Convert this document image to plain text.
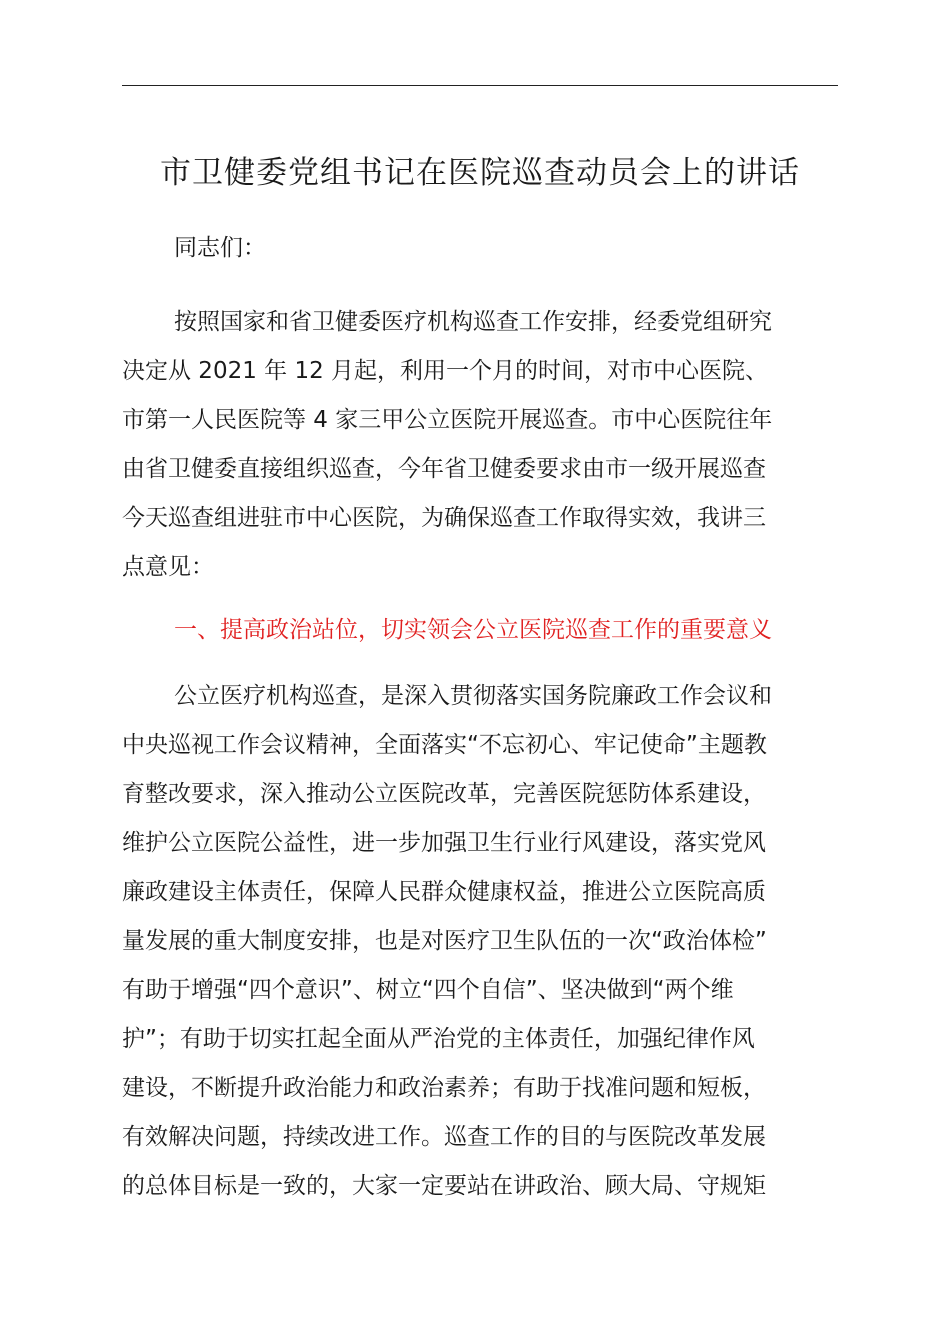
市卫健委党组书记在医院巡查动员会上的讲话

同志们：

按照国家和省卫健委医疗机构巡查工作安排，经委党组研究
决定从 2021 年 12 月起，利用一个月的时间，对市中心医院、
市第一人民医院等 4 家三甲公立医院开展巡查。市中心医院往年
由省卫健委直接组织巡查，今年省卫健委要求由市一级开展巡查
今天巡查组进驻市中心医院，为确保巡查工作取得实效，我讲三
点意见：
一、提高政治站位，切实领会公立医院巡查工作的重要意义
公立医疗机构巡查，是深入贯彻落实国务院廉政工作会议和
中央巡视工作会议精神，全面落实“不忘初心、牢记使命”主题教
育整改要求，深入推动公立医院改革，完善医院惩防体系建设，
维护公立医院公益性，进一步加强卫生行业行风建设，落实党风
廉政建设主体责任，保障人民群众健康权益，推进公立医院高质
量发展的重大制度安排，也是对医疗卫生队伍的一次“政治体检”
有助于增强“四个意识”、树立“四个自信”、坚决做到“两个维
护”；有助于切实扛起全面从严治党的主体责任，加强纪律作风
建设，不断提升政治能力和政治素养；有助于找准问题和短板，
有效解决问题，持续改进工作。巡查工作的目的与医院改革发展
的总体目标是一致的，大家一定要站在讲政治、顾大局、守规矩
